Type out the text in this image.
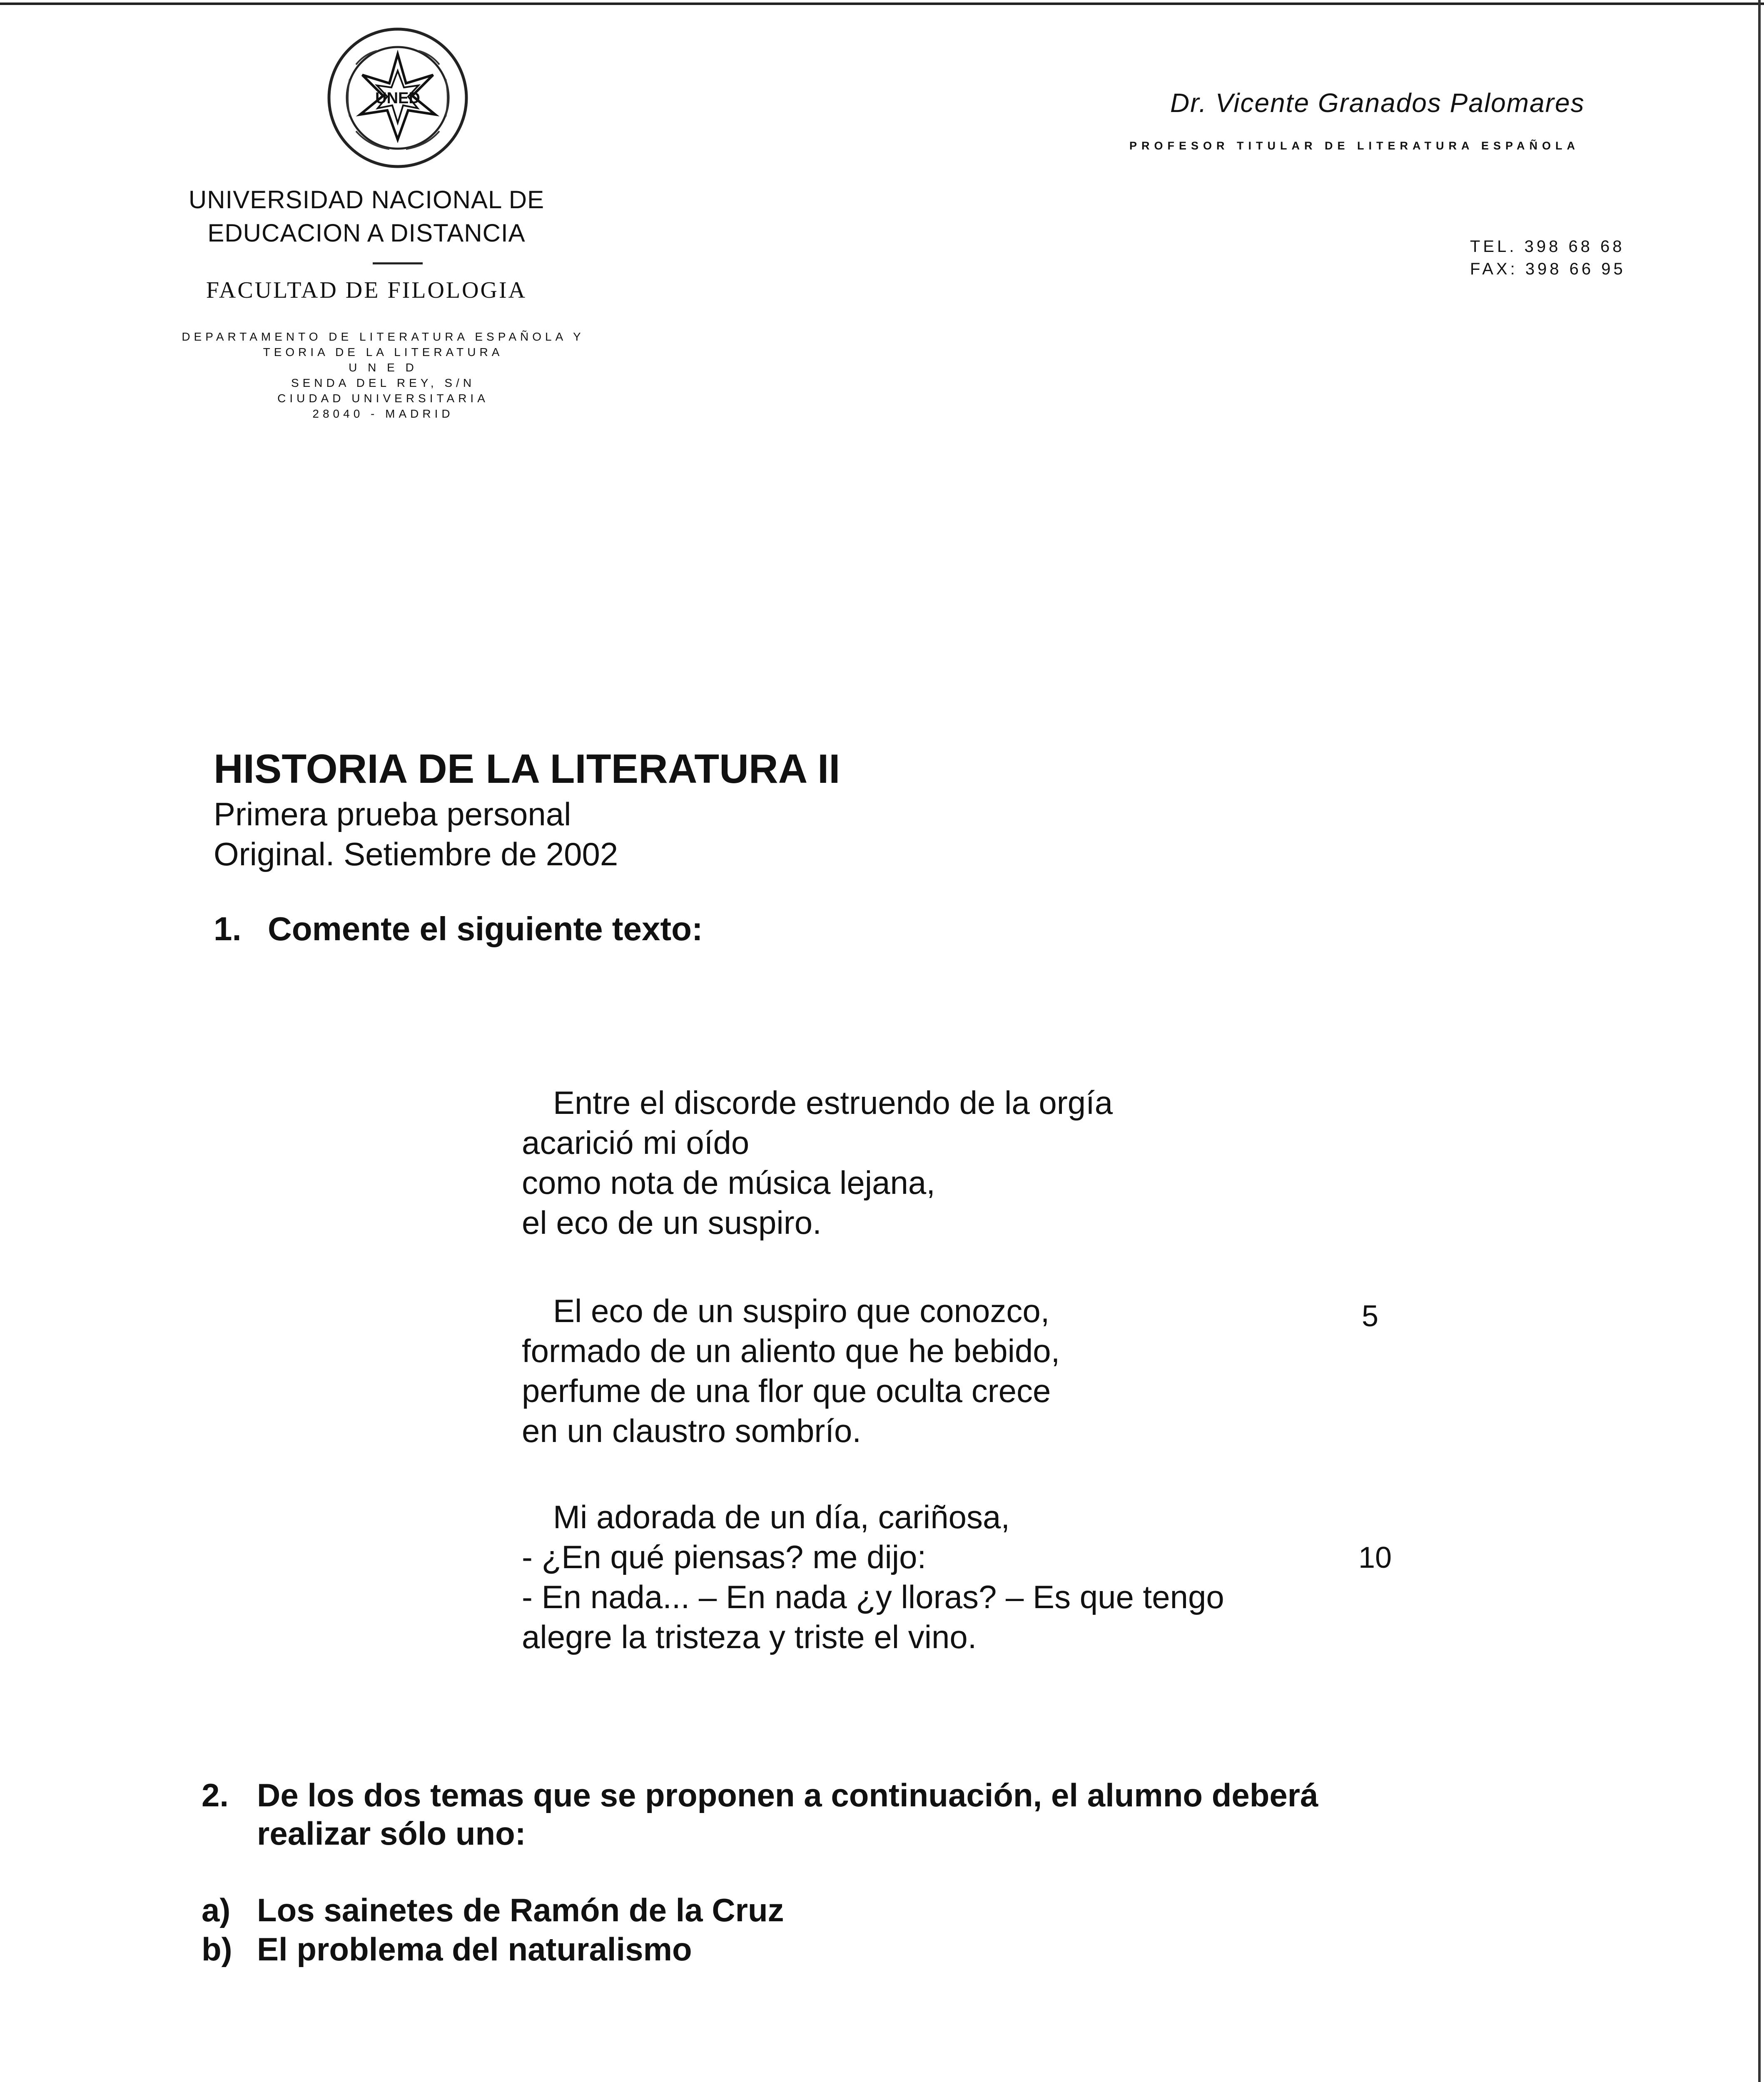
UNED
UNIVERSIDAD NACIONAL DE
EDUCACION A DISTANCIA
FACULTAD DE FILOLOGIA
DEPARTAMENTO DE LITERATURA ESPAÑOLA Y
TEORIA DE LA LITERATURA
U N E D
SENDA DEL REY, S/N
CIUDAD UNIVERSITARIA
28040 - MADRID
Dr. Vicente Granados Palomares
PROFESOR TITULAR DE LITERATURA ESPAÑOLA
TEL. 398 68 68
FAX: 398 66 95
HISTORIA DE LA LITERATURA II
Primera prueba personal
Original. Setiembre de 2002
1. Comente el siguiente texto:
Entre el discorde estruendo de la orgía
acarició mi oído
como nota de música lejana,
el eco de un suspiro.
El eco de un suspiro que conozco,
formado de un aliento que he bebido,
perfume de una flor que oculta crece
en un claustro sombrío.
Mi adorada de un día, cariñosa,
- ¿En qué piensas? me dijo:
- En nada... – En nada ¿y lloras? – Es que tengo
alegre la tristeza y triste el vino.
5
10
2. De los dos temas que se proponen a continuación, el alumno deberá
realizar sólo uno:
a) Los sainetes de Ramón de la Cruz
b) El problema del naturalismo
